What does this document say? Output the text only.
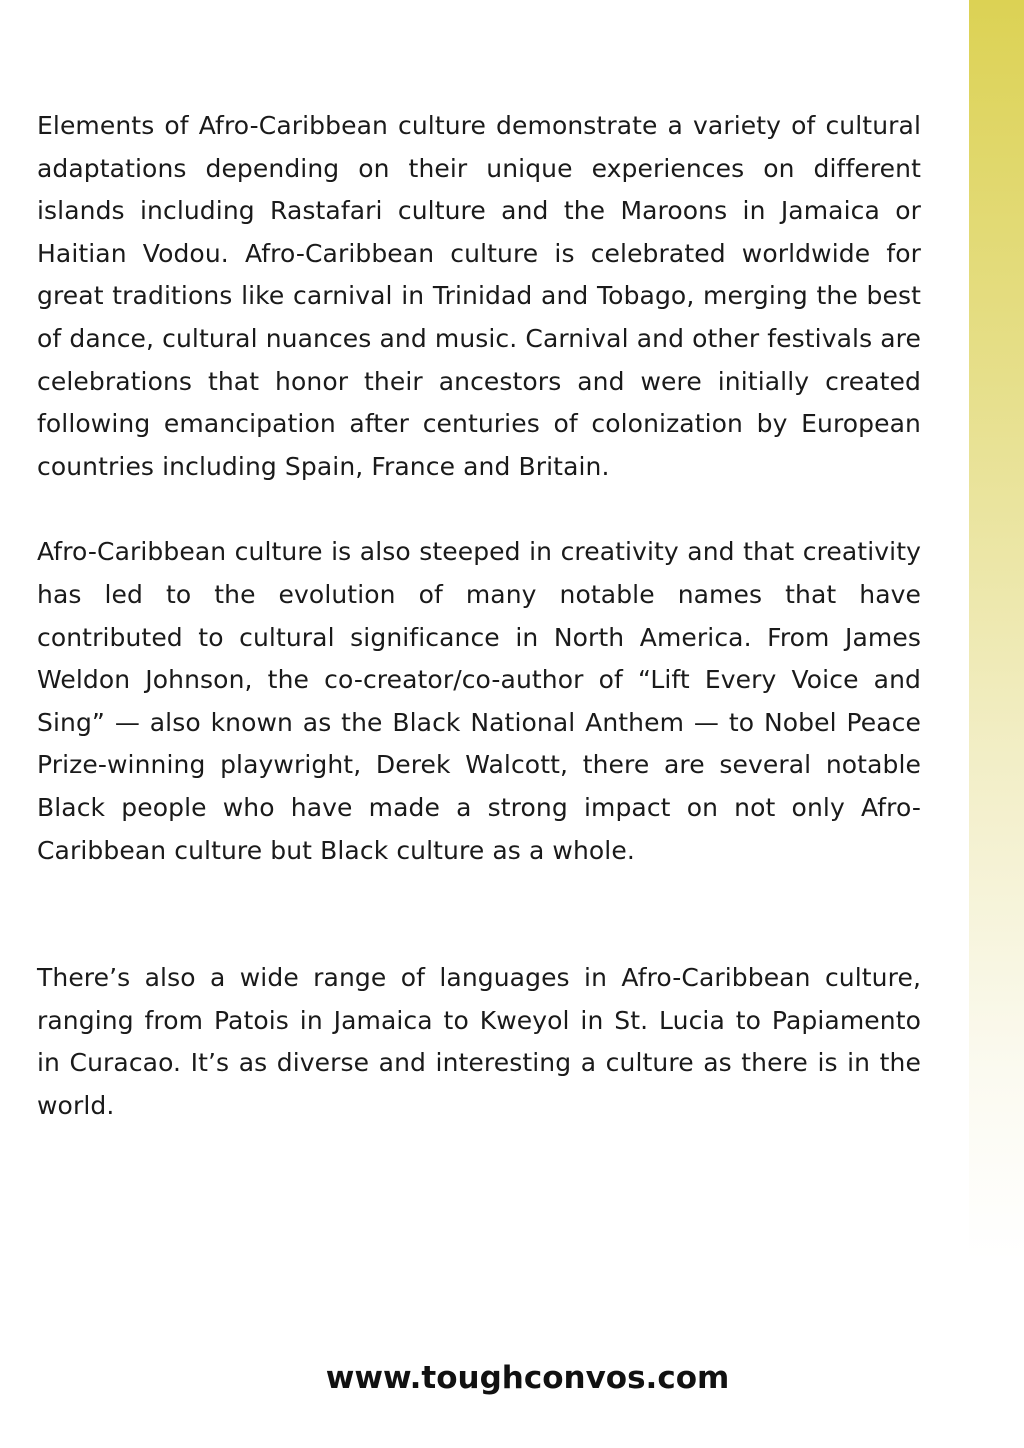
Elements of Afro-Caribbean culture demonstrate a variety of cultural adaptations depending on their unique experiences on different islands including Rastafari culture and the Maroons in Jamaica or Haitian Vodou. Afro-Caribbean culture is celebrated worldwide for great traditions like carnival in Trinidad and Tobago, merging the best of dance, cultural nuances and music. Carnival and other festivals are celebrations that honor their ancestors and were initially created following emancipation after centuries of colonization by European countries including Spain, France and Britain.

Afro-Caribbean culture is also steeped in creativity and that creativity has led to the evolution of many notable names that have contributed to cultural significance in North America. From James Weldon Johnson, the co-creator/co-author of “Lift Every Voice and Sing” — also known as the Black National Anthem — to Nobel Peace Prize-winning playwright, Derek Walcott, there are several notable Black people who have made a strong impact on not only Afro-Caribbean culture but Black culture as a whole.

There’s also a wide range of languages in Afro-Caribbean culture, ranging from Patois in Jamaica to Kweyol in St. Lucia to Papiamento in Curacao. It’s as diverse and interesting a culture as there is in the world.

www.toughconvos.com
